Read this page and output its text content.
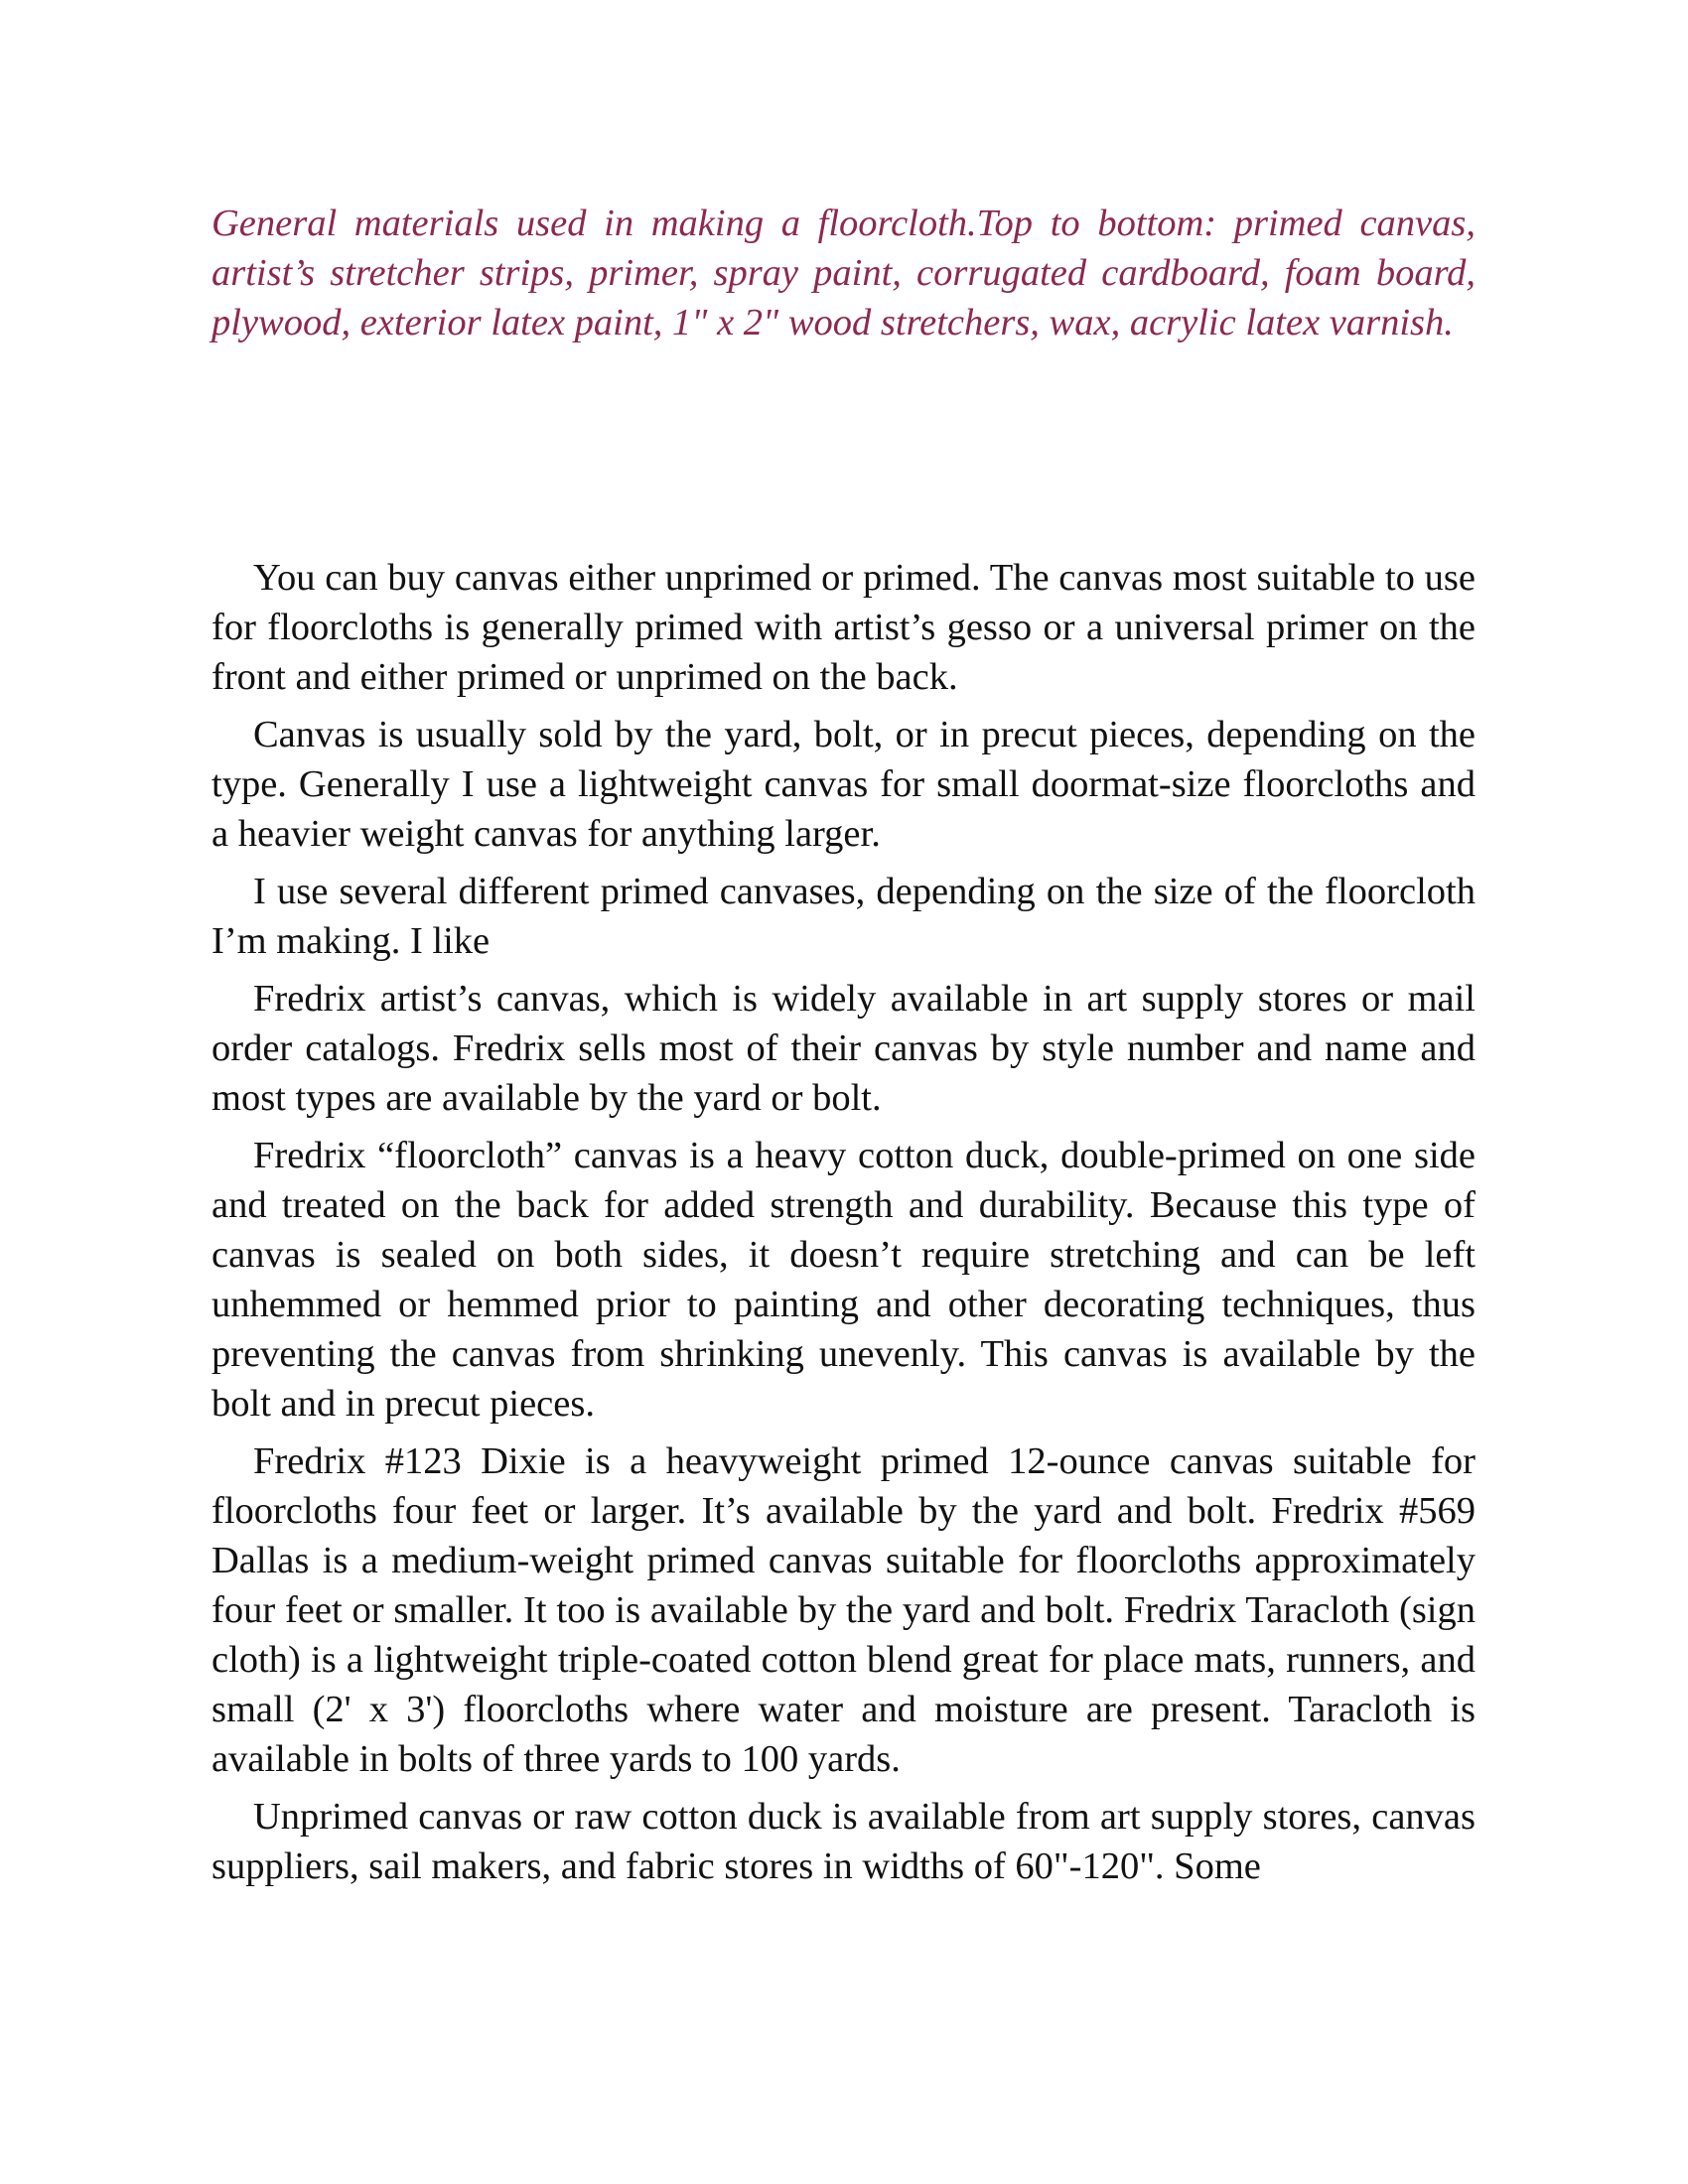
General materials used in making a floorcloth.Top to bottom: primed canvas, artist’s stretcher strips, primer, spray paint, corrugated cardboard, foam board, plywood, exterior latex paint, 1" x 2" wood stretchers, wax, acrylic latex varnish.

You can buy canvas either unprimed or primed. The canvas most suitable to use for floorcloths is generally primed with artist’s gesso or a universal primer on the front and either primed or unprimed on the back.

Canvas is usually sold by the yard, bolt, or in precut pieces, depending on the type. Generally I use a lightweight canvas for small doormat-size floorcloths and a heavier weight canvas for anything larger.

I use several different primed canvases, depending on the size of the floorcloth I’m making. I like

Fredrix artist’s canvas, which is widely available in art supply stores or mail order catalogs. Fredrix sells most of their canvas by style number and name and most types are available by the yard or bolt.

Fredrix “floorcloth” canvas is a heavy cotton duck, double-primed on one side and treated on the back for added strength and durability. Because this type of canvas is sealed on both sides, it doesn’t require stretching and can be left unhemmed or hemmed prior to painting and other decorating techniques, thus preventing the canvas from shrinking unevenly. This canvas is available by the bolt and in precut pieces.

Fredrix #123 Dixie is a heavyweight primed 12-ounce canvas suitable for floorcloths four feet or larger. It’s available by the yard and bolt. Fredrix #569 Dallas is a medium-weight primed canvas suitable for floorcloths approximately four feet or smaller. It too is available by the yard and bolt. Fredrix Taracloth (sign cloth) is a lightweight triple-coated cotton blend great for place mats, runners, and small (2' x 3') floorcloths where water and moisture are present. Taracloth is available in bolts of three yards to 100 yards.

Unprimed canvas or raw cotton duck is available from art supply stores, canvas suppliers, sail makers, and fabric stores in widths of 60"-120". Some
